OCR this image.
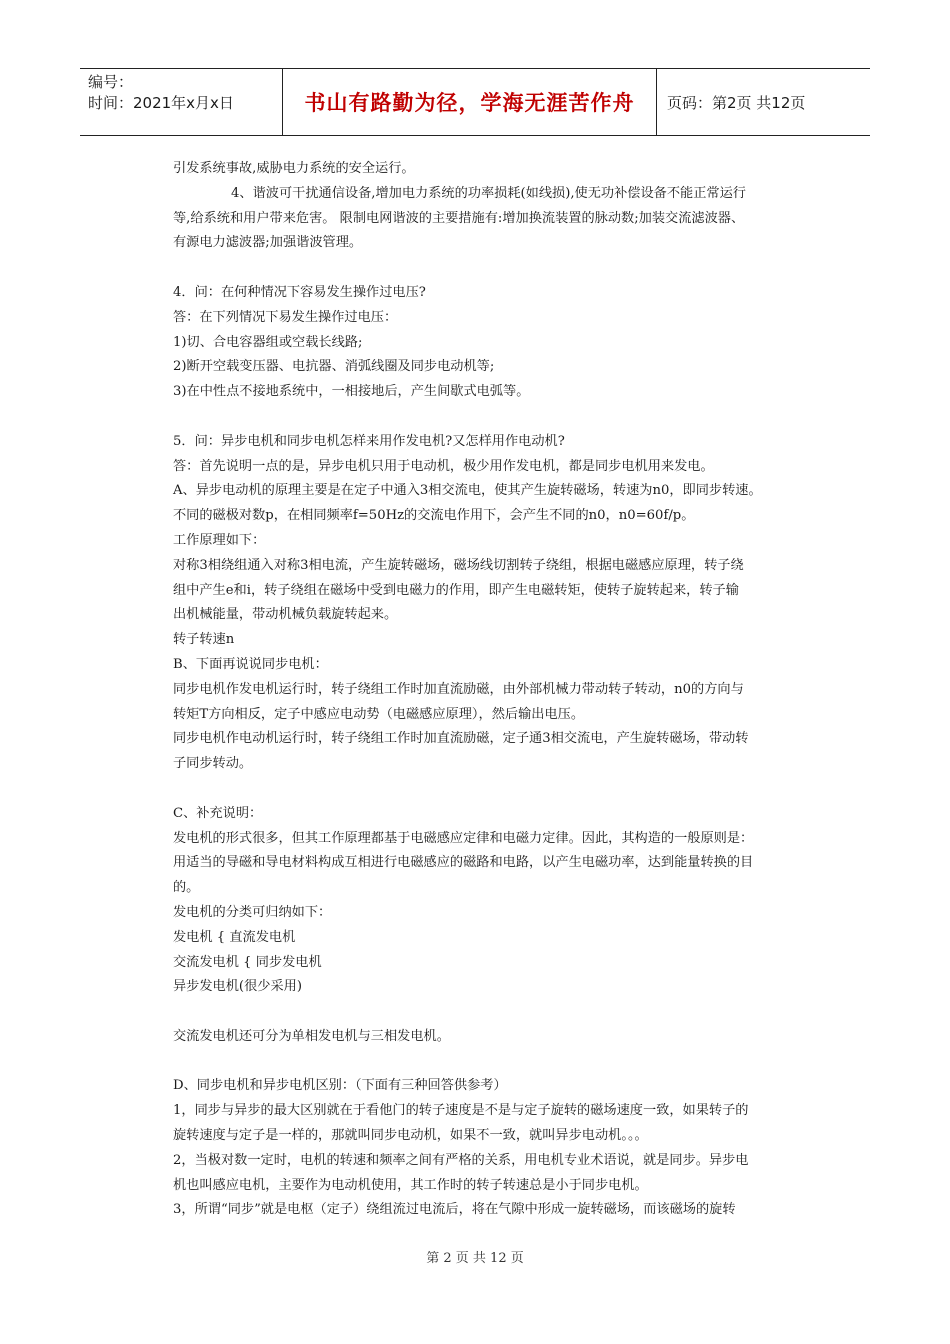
编号：
时间：2021年x月x日	书山有路勤为径，学海无涯苦作舟 页码：第2页 共12页
引发系统事故,威胁电力系统的安全运行。
4、谐波可干扰通信设备,增加电力系统的功率损耗(如线损),使无功补偿设备不能正常运行
等,给系统和用户带来危害。 限制电网谐波的主要措施有:增加换流装置的脉动数;加装交流滤波器、
有源电力滤波器;加强谐波管理。
4．问：在何种情况下容易发生操作过电压?
答：在下列情况下易发生操作过电压：
1)切、合电容器组或空载长线路;
2)断开空载变压器、电抗器、消弧线圈及同步电动机等;
3)在中性点不接地系统中，一相接地后，产生间歇式电弧等。
5．问：异步电机和同步电机怎样来用作发电机?又怎样用作电动机?
答：首先说明一点的是，异步电机只用于电动机，极少用作发电机，都是同步电机用来发电。
A、异步电动机的原理主要是在定子中通入3相交流电，使其产生旋转磁场，转速为n0，即同步转速。
不同的磁极对数p，在相同频率f=50Hz的交流电作用下，会产生不同的n0，n0=60f/p。
工作原理如下：
对称3相绕组通入对称3相电流，产生旋转磁场，磁场线切割转子绕组，根据电磁感应原理，转子绕
组中产生e和i，转子绕组在磁场中受到电磁力的作用，即产生电磁转矩，使转子旋转起来，转子输
出机械能量，带动机械负载旋转起来。
转子转速n
B、下面再说说同步电机：
同步电机作发电机运行时，转子绕组工作时加直流励磁，由外部机械力带动转子转动，n0的方向与
转矩T方向相反，定子中感应电动势（电磁感应原理），然后输出电压。
同步电机作电动机运行时，转子绕组工作时加直流励磁，定子通3相交流电，产生旋转磁场，带动转
子同步转动。
C、补充说明：
发电机的形式很多，但其工作原理都基于电磁感应定律和电磁力定律。因此，其构造的一般原则是：
用适当的导磁和导电材料构成互相进行电磁感应的磁路和电路，以产生电磁功率，达到能量转换的目
的。
发电机的分类可归纳如下：
发电机 { 直流发电机
交流发电机 { 同步发电机
异步发电机(很少采用)
交流发电机还可分为单相发电机与三相发电机。
D、同步电机和异步电机区别：（下面有三种回答供参考）
1，同步与异步的最大区别就在于看他门的转子速度是不是与定子旋转的磁场速度一致，如果转子的
旋转速度与定子是一样的，那就叫同步电动机，如果不一致，就叫异步电动机。。。
2，当极对数一定时，电机的转速和频率之间有严格的关系，用电机专业术语说，就是同步。异步电
机也叫感应电机，主要作为电动机使用，其工作时的转子转速总是小于同步电机。
3，所谓“同步”就是电枢（定子）绕组流过电流后，将在气隙中形成一旋转磁场，而该磁场的旋转
第 2 页 共 12 页
